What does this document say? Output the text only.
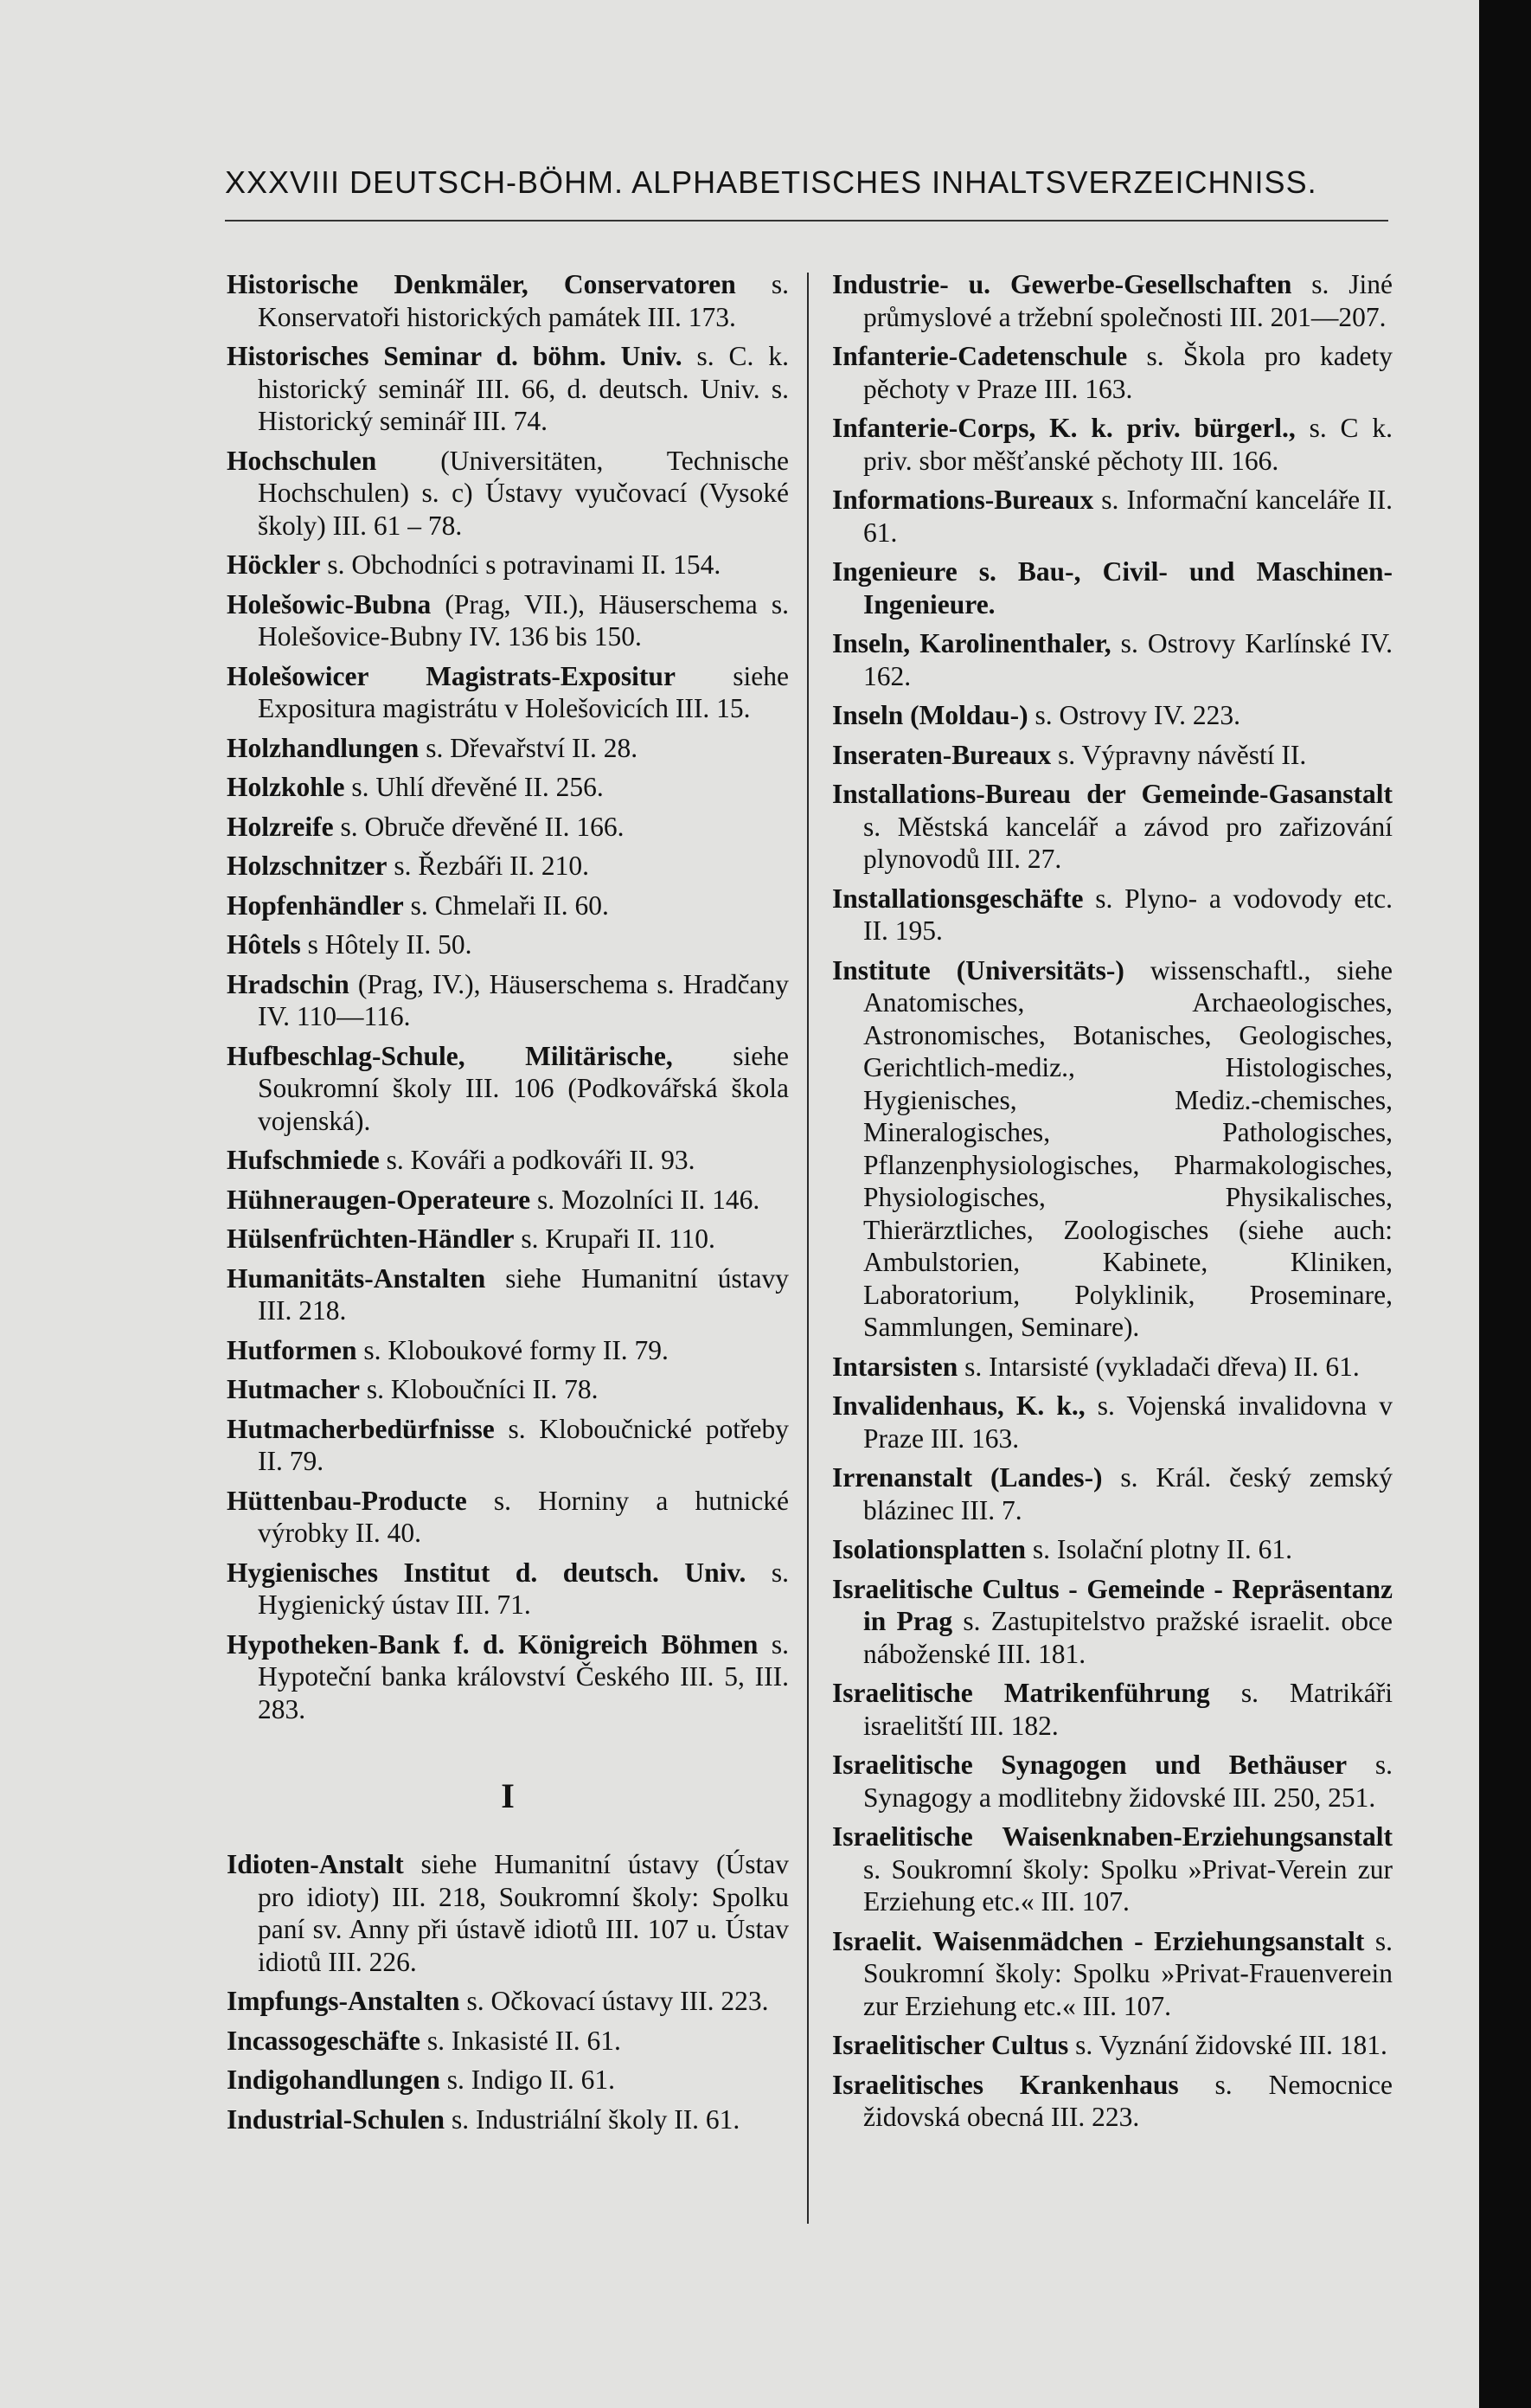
XXXVIII DEUTSCH-BÖHM. ALPHABETISCHES INHALTSVERZEICHNISS.

Historische Denkmäler, Conservatoren s. Konservatoři historických památek III. 173.

Historisches Seminar d. böhm. Univ. s. C. k. historický seminář III. 66, d. deutsch. Univ. s. Historický seminář III. 74.

Hochschulen (Universitäten, Technische Hochschulen) s. c) Ústavy vyučovací (Vysoké školy) III. 61 – 78.

Höckler s. Obchodníci s potravinami II. 154.

Holešowic-Bubna (Prag, VII.), Häuserschema s. Holešovice-Bubny IV. 136 bis 150.

Holešowicer Magistrats-Expositur siehe Expositura magistrátu v Holešovicích III. 15.

Holzhandlungen s. Dřevařství II. 28.

Holzkohle s. Uhlí dřevěné II. 256.

Holzreife s. Obruče dřevěné II. 166.

Holzschnitzer s. Řezbáři II. 210.

Hopfenhändler s. Chmelaři II. 60.

Hôtels s Hôtely II. 50.

Hradschin (Prag, IV.), Häuserschema s. Hradčany IV. 110—116.

Hufbeschlag-Schule, Militärische, siehe Soukromní školy III. 106 (Podkovářská škola vojenská).

Hufschmiede s. Kováři a podkováři II. 93.

Hühneraugen-Operateure s. Mozolníci II. 146.

Hülsenfrüchten-Händler s. Krupaři II. 110.

Humanitäts-Anstalten siehe Humanitní ústavy III. 218.

Hutformen s. Kloboukové formy II. 79.

Hutmacher s. Kloboučníci II. 78.

Hutmacherbedürfnisse s. Kloboučnické potřeby II. 79.

Hüttenbau-Producte s. Horniny a hutnické výrobky II. 40.

Hygienisches Institut d. deutsch. Univ. s. Hygienický ústav III. 71.

Hypotheken-Bank f. d. Königreich Böhmen s. Hypoteční banka království Českého III. 5, III. 283.

I

Idioten-Anstalt siehe Humanitní ústavy (Ústav pro idioty) III. 218, Soukromní školy: Spolku paní sv. Anny při ústavě idiotů III. 107 u. Ústav idiotů III. 226.

Impfungs-Anstalten s. Očkovací ústavy III. 223.

Incassogeschäfte s. Inkasisté II. 61.

Indigohandlungen s. Indigo II. 61.

Industrial-Schulen s. Industriální školy II. 61.

Industrie- u. Gewerbe-Gesellschaften s. Jiné průmyslové a tržební společnosti III. 201—207.

Infanterie-Cadetenschule s. Škola pro kadety pěchoty v Praze III. 163.

Infanterie-Corps, K. k. priv. bürgerl., s. C k. priv. sbor měšťanské pěchoty III. 166.

Informations-Bureaux s. Informační kanceláře II. 61.

Ingenieure s. Bau-, Civil- und Maschinen-Ingenieure.

Inseln, Karolinenthaler, s. Ostrovy Karlínské IV. 162.

Inseln (Moldau-) s. Ostrovy IV. 223.

Inseraten-Bureaux s. Výpravny návěstí II.

Installations-Bureau der Gemeinde-Gasanstalt s. Městská kancelář a závod pro zařizování plynovodů III. 27.

Installationsgeschäfte s. Plyno- a vodovody etc. II. 195.

Institute (Universitäts-) wissenschaftl., siehe Anatomisches, Archaeologisches, Astronomisches, Botanisches, Geologisches, Gerichtlich-mediz., Histologisches, Hygienisches, Mediz.-chemisches, Mineralogisches, Pathologisches, Pflanzenphysiologisches, Pharmakologisches, Physiologisches, Physikalisches, Thierärztliches, Zoologisches (siehe auch: Ambulstorien, Kabinete, Kliniken, Laboratorium, Polyklinik, Proseminare, Sammlungen, Seminare).

Intarsisten s. Intarsisté (vykladači dřeva) II. 61.

Invalidenhaus, K. k., s. Vojenská invalidovna v Praze III. 163.

Irrenanstalt (Landes-) s. Král. český zemský blázinec III. 7.

Isolationsplatten s. Isolační plotny II. 61.

Israelitische Cultus - Gemeinde - Repräsentanz in Prag s. Zastupitelstvo pražské israelit. obce náboženské III. 181.

Israelitische Matrikenführung s. Matrikáři israelitští III. 182.

Israelitische Synagogen und Bethäuser s. Synagogy a modlitebny židovské III. 250, 251.

Israelitische Waisenknaben-Erziehungsanstalt s. Soukromní školy: Spolku »Privat-Verein zur Erziehung etc.« III. 107.

Israelit. Waisenmädchen - Erziehungsanstalt s. Soukromní školy: Spolku »Privat-Frauenverein zur Erziehung etc.« III. 107.

Israelitischer Cultus s. Vyznání židovské III. 181.

Israelitisches Krankenhaus s. Nemocnice židovská obecná III. 223.
